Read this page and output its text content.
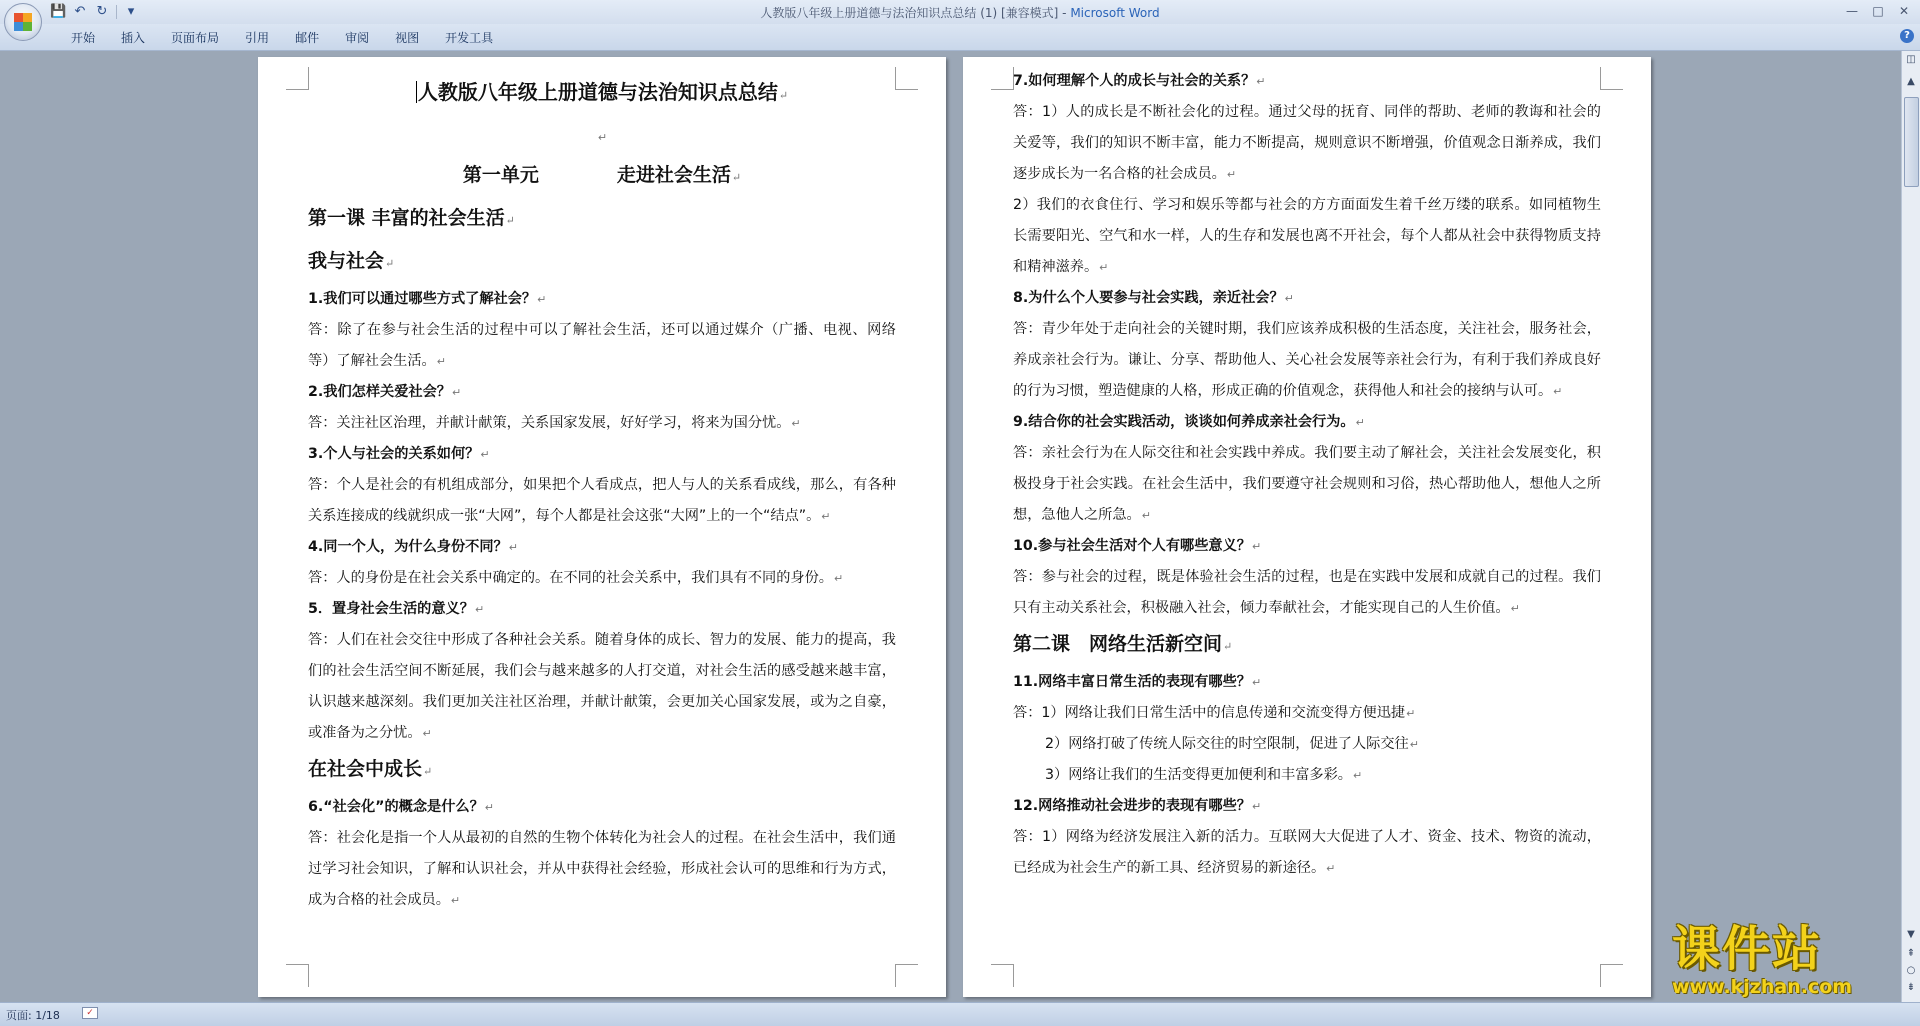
💾 ↶ ↻	▾	人教版八年级上册道德与法治知识点总结 (1) [兼容模式] - Microsoft Word	—	□	✕
开始	插入	页面布局	引用	邮件	审阅	视图	开发工具	?

人教版八年级上册道德与法治知识点总结↵

↵

第一单元	走进社会生活↵

第一课 丰富的社会生活↵

我与社会↵

1.我们可以通过哪些方式了解社会？↵

答：除了在参与社会生活的过程中可以了解社会生活，还可以通过媒介（广播、电视、网络等）了解社会生活。↵

2.我们怎样关爱社会？↵

答：关注社区治理，并献计献策，关系国家发展，好好学习，将来为国分忧。↵

3.个人与社会的关系如何？↵

答：个人是社会的有机组成部分，如果把个人看成点，把人与人的关系看成线，那么，有各种关系连接成的线就织成一张“大网”，每个人都是社会这张“大网”上的一个“结点”。↵

4.同一个人，为什么身份不同？↵

答：人的身份是在社会关系中确定的。在不同的社会关系中，我们具有不同的身份。↵

5．置身社会生活的意义？↵

答：人们在社会交往中形成了各种社会关系。随着身体的成长、智力的发展、能力的提高，我们的社会生活空间不断延展，我们会与越来越多的人打交道，对社会生活的感受越来越丰富，认识越来越深刻。我们更加关注社区治理，并献计献策，会更加关心国家发展，或为之自豪，或准备为之分忧。↵

在社会中成长↵

6.“社会化”的概念是什么？↵

答：社会化是指一个人从最初的自然的生物个体转化为社会人的过程。在社会生活中，我们通过学习社会知识，了解和认识社会，并从中获得社会经验，形成社会认可的思维和行为方式，成为合格的社会成员。↵

7.如何理解个人的成长与社会的关系？↵

答：1）人的成长是不断社会化的过程。通过父母的抚育、同伴的帮助、老师的教诲和社会的关爱等，我们的知识不断丰富，能力不断提高，规则意识不断增强，价值观念日渐养成，我们逐步成长为一名合格的社会成员。↵

2）我们的衣食住行、学习和娱乐等都与社会的方方面面发生着千丝万缕的联系。如同植物生长需要阳光、空气和水一样，人的生存和发展也离不开社会，每个人都从社会中获得物质支持和精神滋养。↵

8.为什么个人要参与社会实践，亲近社会？↵

答：青少年处于走向社会的关键时期，我们应该养成积极的生活态度，关注社会，服务社会，养成亲社会行为。谦让、分享、帮助他人、关心社会发展等亲社会行为，有利于我们养成良好的行为习惯，塑造健康的人格，形成正确的价值观念，获得他人和社会的接纳与认可。↵

9.结合你的社会实践活动，谈谈如何养成亲社会行为。↵

答：亲社会行为在人际交往和社会实践中养成。我们要主动了解社会，关注社会发展变化，积极投身于社会实践。在社会生活中，我们要遵守社会规则和习俗，热心帮助他人，想他人之所想，急他人之所急。↵

10.参与社会生活对个人有哪些意义？↵

答：参与社会的过程，既是体验社会生活的过程，也是在实践中发展和成就自己的过程。我们只有主动关系社会，积极融入社会，倾力奉献社会，才能实现自己的人生价值。↵

第二课　网络生活新空间↵

11.网络丰富日常生活的表现有哪些？↵

答：1）网络让我们日常生活中的信息传递和交流变得方便迅捷↵

2）网络打破了传统人际交往的时空限制，促进了人际交往↵

3）网络让我们的生活变得更加便利和丰富多彩。↵

12.网络推动社会进步的表现有哪些？↵

答：1）网络为经济发展注入新的活力。互联网大大促进了人才、资金、技术、物资的流动，已经成为社会生产的新工具、经济贸易的新途径。↵

◫
▲
▼
⇞
○
⇟
课件站
www.kjzhan.com
页面: 1/18	✓
